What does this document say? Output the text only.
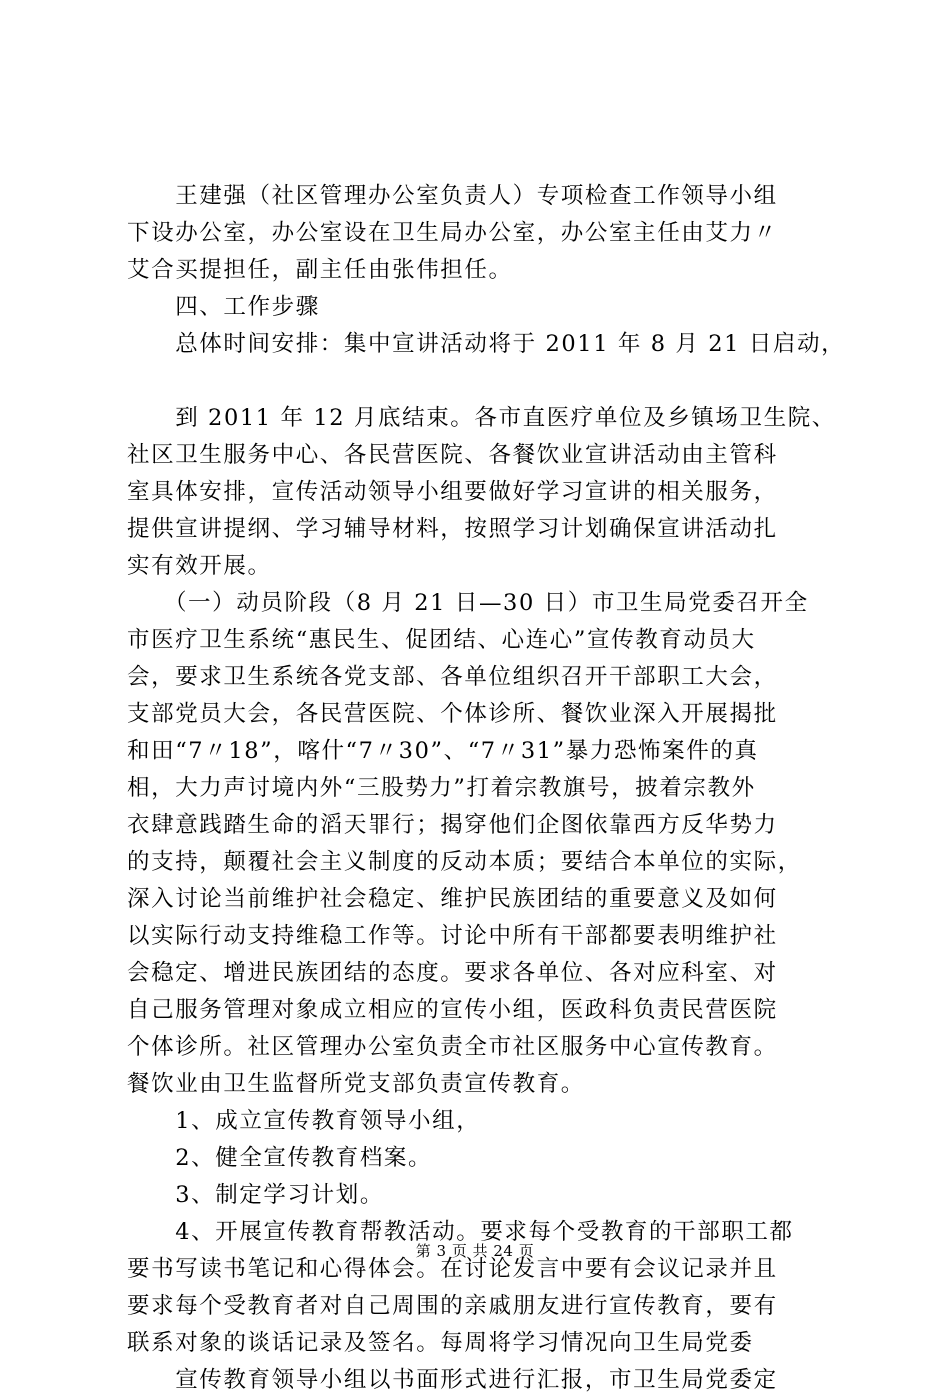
　　王建强（社区管理办公室负责人）专项检查工作领导小组
下设办公室，办公室设在卫生局办公室，办公室主任由艾力〃
艾合买提担任，副主任由张伟担任。
　　四、工作步骤
　　总体时间安排：集中宣讲活动将于 2011 年 8 月 21 日启动，
　　到 2011 年 12 月底结束。各市直医疗单位及乡镇场卫生院、
社区卫生服务中心、各民营医院、各餐饮业宣讲活动由主管科
室具体安排，宣传活动领导小组要做好学习宣讲的相关服务，
提供宣讲提纲、学习辅导材料，按照学习计划确保宣讲活动扎
实有效开展。
　　（一）动员阶段（8 月 21 日—30 日）市卫生局党委召开全
市医疗卫生系统“惠民生、促团结、心连心”宣传教育动员大
会，要求卫生系统各党支部、各单位组织召开干部职工大会，
支部党员大会，各民营医院、个体诊所、餐饮业深入开展揭批
和田“7〃18”，喀什“7〃30”、“7〃31”暴力恐怖案件的真
相，大力声讨境内外“三股势力”打着宗教旗号，披着宗教外
衣肆意践踏生命的滔天罪行；揭穿他们企图依靠西方反华势力
的支持，颠覆社会主义制度的反动本质；要结合本单位的实际，
深入讨论当前维护社会稳定、维护民族团结的重要意义及如何
以实际行动支持维稳工作等。讨论中所有干部都要表明维护社
会稳定、增进民族团结的态度。要求各单位、各对应科室、对
自己服务管理对象成立相应的宣传小组，医政科负责民营医院
个体诊所。社区管理办公室负责全市社区服务中心宣传教育。
餐饮业由卫生监督所党支部负责宣传教育。
　　1、成立宣传教育领导小组，
　　2、健全宣传教育档案。
　　3、制定学习计划。
　　4、开展宣传教育帮教活动。要求每个受教育的干部职工都
要书写读书笔记和心得体会。在讨论发言中要有会议记录并且
要求每个受教育者对自己周围的亲戚朋友进行宣传教育，要有
联系对象的谈话记录及签名。每周将学习情况向卫生局党委
　　宣传教育领导小组以书面形式进行汇报，市卫生局党委定
第 3 页 共 24 页
